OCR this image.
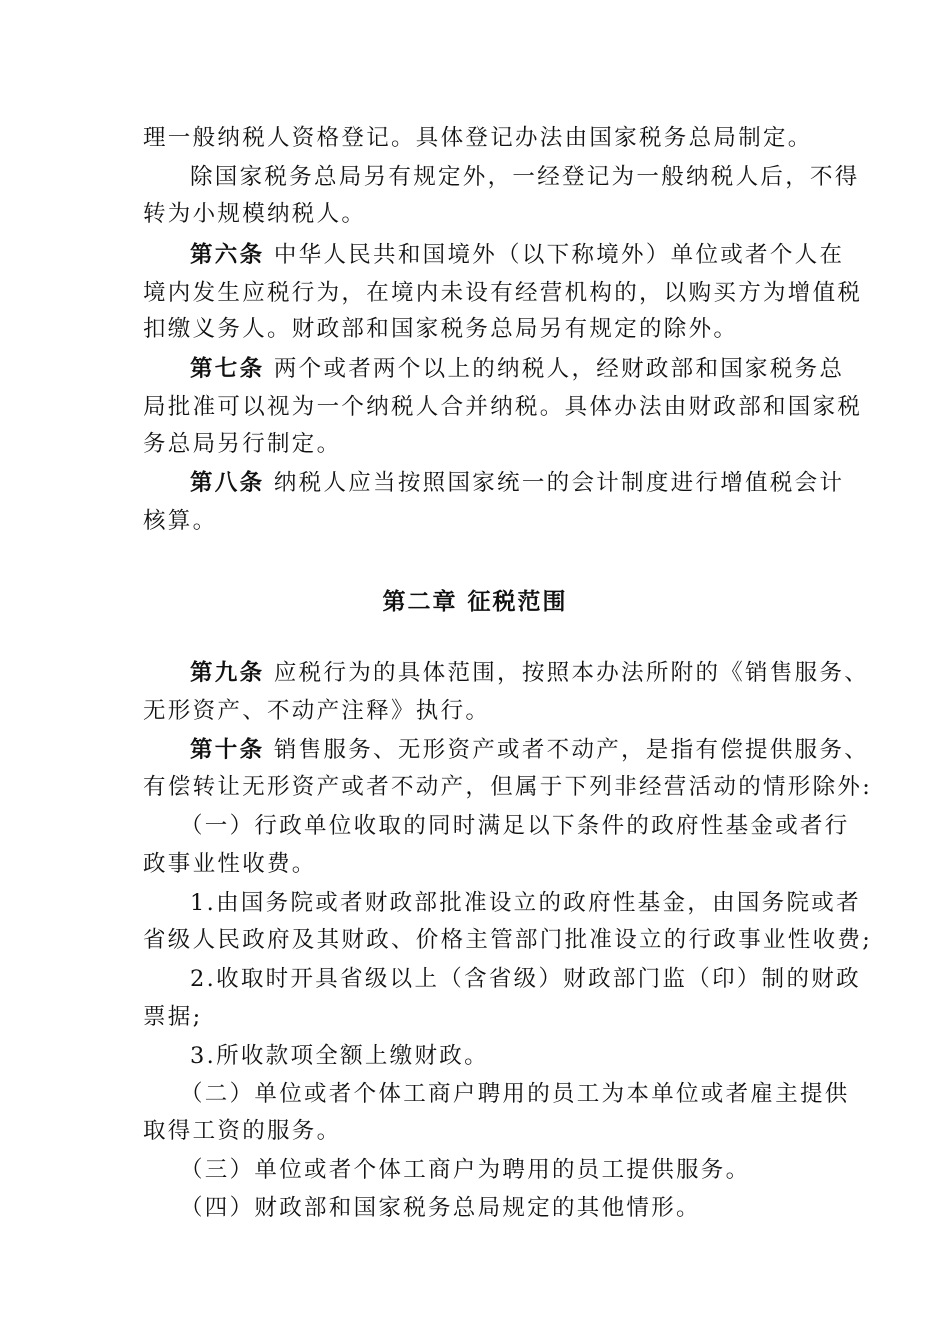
理一般纳税人资格登记。具体登记办法由国家税务总局制定。
除国家税务总局另有规定外，一经登记为一般纳税人后，不得
转为小规模纳税人。
第六条 中华人民共和国境外（以下称境外）单位或者个人在
境内发生应税行为，在境内未设有经营机构的，以购买方为增值税
扣缴义务人。财政部和国家税务总局另有规定的除外。
第七条 两个或者两个以上的纳税人，经财政部和国家税务总
局批准可以视为一个纳税人合并纳税。具体办法由财政部和国家税
务总局另行制定。
第八条 纳税人应当按照国家统一的会计制度进行增值税会计
核算。
第二章 征税范围
第九条 应税行为的具体范围，按照本办法所附的《销售服务、
无形资产、不动产注释》执行。
第十条 销售服务、无形资产或者不动产，是指有偿提供服务、
有偿转让无形资产或者不动产，但属于下列非经营活动的情形除外:
（一）行政单位收取的同时满足以下条件的政府性基金或者行
政事业性收费。
1.由国务院或者财政部批准设立的政府性基金，由国务院或者
省级人民政府及其财政、价格主管部门批准设立的行政事业性收费;
2.收取时开具省级以上（含省级）财政部门监（印）制的财政
票据;
3.所收款项全额上缴财政。
（二）单位或者个体工商户聘用的员工为本单位或者雇主提供
取得工资的服务。
（三）单位或者个体工商户为聘用的员工提供服务。
（四）财政部和国家税务总局规定的其他情形。
